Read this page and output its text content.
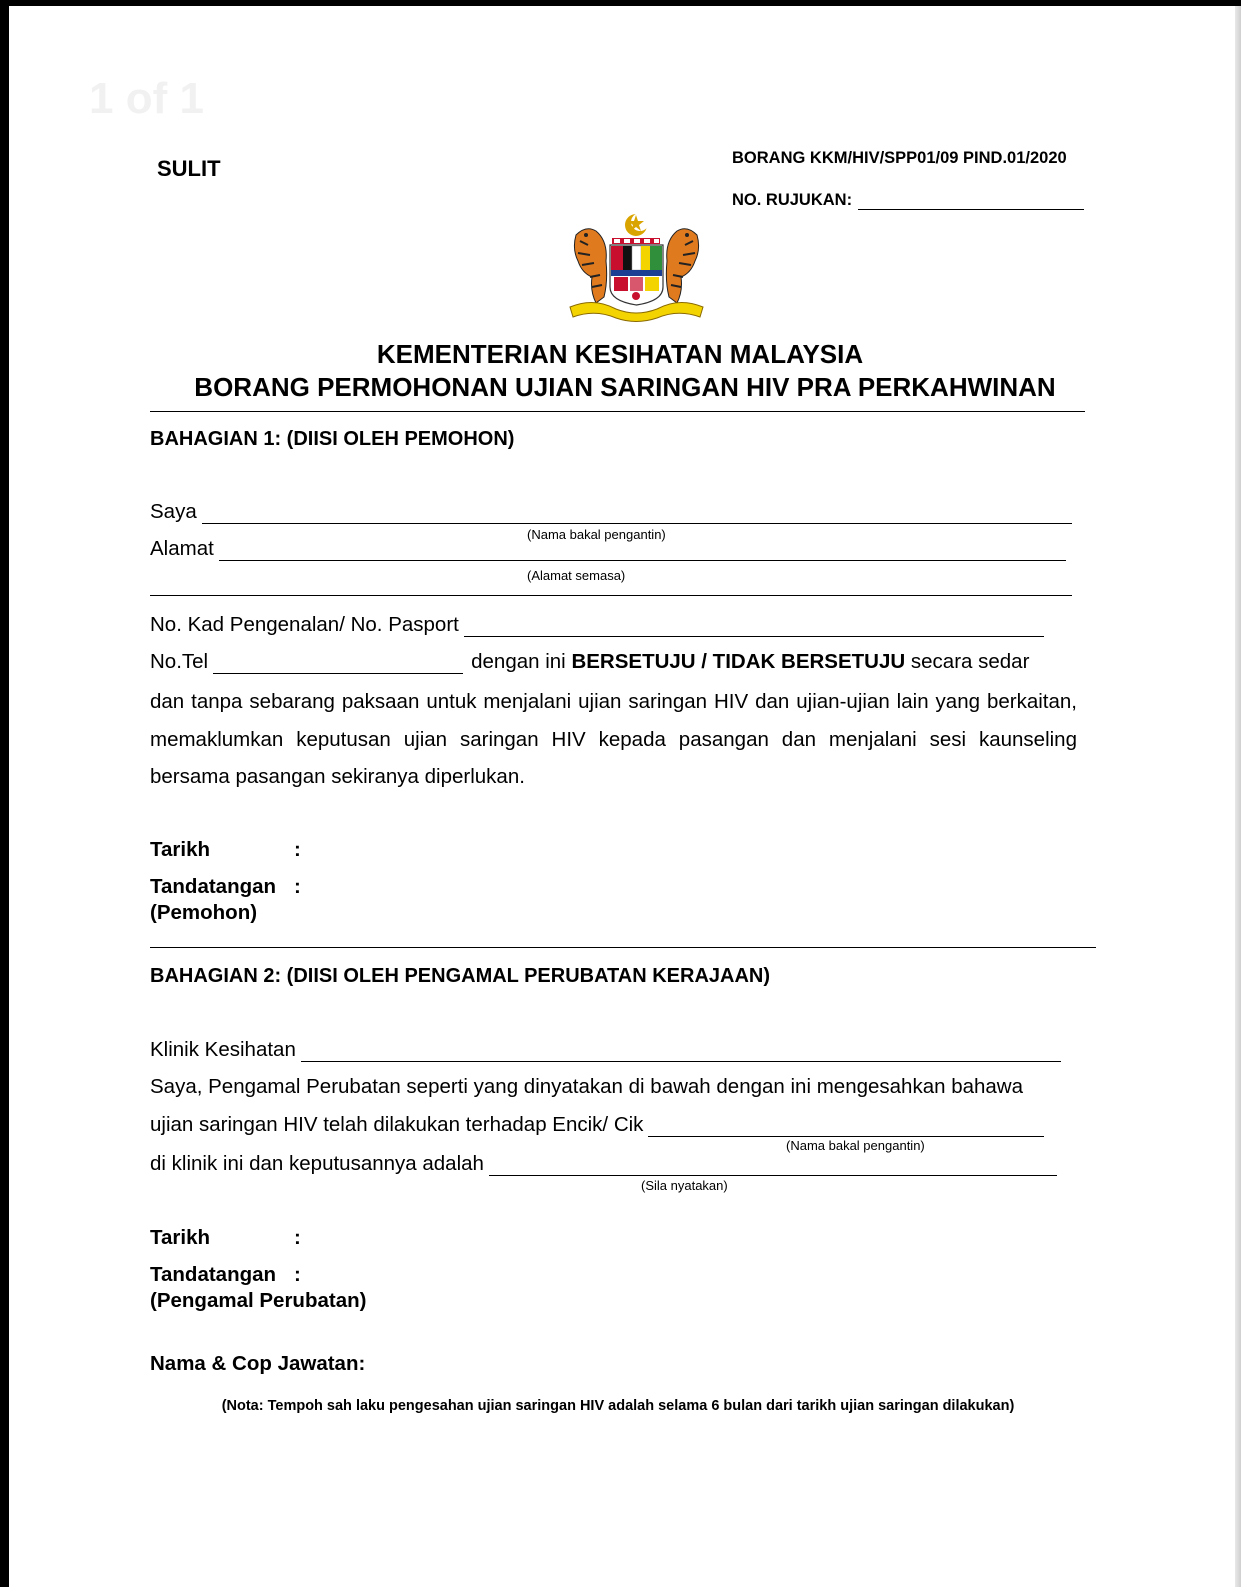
1 of 1
SULIT	BORANG KKM/HIV/SPP01/09 PIND.01/2020
NO. RUJUKAN:
KEMENTERIAN KESIHATAN MALAYSIA
BORANG PERMOHONAN UJIAN SARINGAN HIV PRA PERKAHWINAN
BAHAGIAN 1: (DIISI OLEH PEMOHON)
Saya
(Nama bakal pengantin)
Alamat
(Alamat semasa)
No. Kad Pengenalan/ No. Pasport
No.Tel	dengan ini
BERSETUJU / TIDAK BERSETUJU
secara sedar
dan tanpa sebarang paksaan untuk menjalani ujian saringan HIV dan ujian-ujian lain yang berkaitan, memaklumkan keputusan ujian saringan HIV kepada pasangan dan menjalani sesi kaunseling bersama pasangan sekiranya diperlukan.
Tarikh	:
Tandatangan :
(Pemohon)
BAHAGIAN 2: (DIISI OLEH PENGAMAL PERUBATAN KERAJAAN)
Klinik Kesihatan
Saya, Pengamal Perubatan seperti yang dinyatakan di bawah dengan ini mengesahkan bahawa
ujian saringan HIV telah dilakukan terhadap Encik/ Cik
(Nama bakal pengantin)
di klinik ini dan keputusannya adalah
(Sila nyatakan)
Tarikh	:
Tandatangan :
(Pengamal Perubatan)
Nama & Cop Jawatan:
(Nota: Tempoh sah laku pengesahan ujian saringan HIV adalah selama 6 bulan dari tarikh ujian saringan dilakukan)
